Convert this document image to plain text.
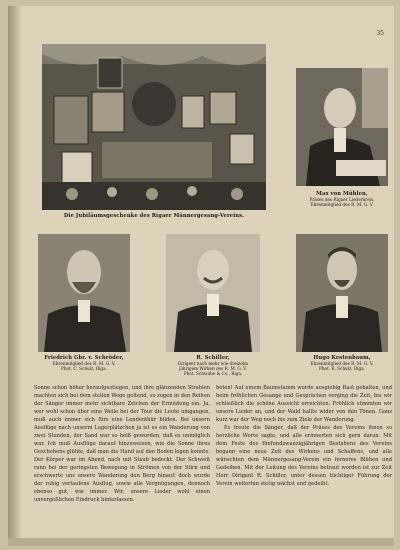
35
Die Jubiläumsgeschenke des Rigaer Männergesang-Vereins.
Max von Mühlen,
Präses des Rigaer Liederkreis,
Ehrenmitglied des R. M. G. V.
Friedrich Gbr. v. Schröder,
Ehrenmitglied des R. M. G. V.
Phot. C. Schulz, Riga.
R. Schiller,
Dirigent nach mehr wie dreizehn
jährigem Wirken des R. M. G. V.
Phot. Schwabe & Co., Riga.
Hugo Kestenbaum,
Ehrenmitglied des R. M. G. V.
Phot. E. Schulz, Riga.

Sonne schon höher heraufgestiegen, und ihre glänzenden Strahlen machten sich bei dem steilen Wege geltend, so zogen in den Reihen der Sänger immer mehr sichtbare Zeichen der Ermüdung ein. Ja, wer wohl schon über eine Weile bei der Tour die Leute umgangen, muß auch immer sich fürs eine Lendenthür bilden. Bei unsern Ausflüge nach unserm Lagerplätzchen ja ist es ein Wanderung von zwei Stunden, der Sand war so heiß geworden, daß es unmöglich war. Ich muß Ausflüge darauf hinzuweisen, wie die Sonne ihres Geschehens glühte, daß man die Hand auf den Boden legen konnte. Der Körper war im Abend, nach mit Staub bedeckt. Der Schweiß rann bei der geringsten Bewegung in Strömen von der Stirn und erschwerte uns unsere Wanderung den Berg hinauf; doch wurde der ruhig verlaufene Ausflug, sowie alle Vergnügungen, dennoch ebenso gut, wie immer. Wir, unsere Lieder wohl einen unvergeßlichen Eindruck hinterlassen.

boten! Auf einem Baumstamm wurde ausgiebig Rast gehalten, und beim fröhlichen Gesange und Gesprächen verging die Zeit, bis wir schließlich die schöne Aussicht erreichten. Fröhlich stimmten wir unsere Lieder an, und der Wald hallte wider von den Tönen. Ganz kurz war der Weg noch bis zum Ziele der Wanderung.

Es freute die Sänger, daß der Präses des Vereins ihnen so herzliche Worte sagte, und alle erinnerten sich gern daran. Mit dem Feste des fünfundzwanzigjährigen Bestehens des Vereins begann eine neue Zeit des Wirkens und Schaffens, und alle wünschten dem Männergesang-Verein ein ferneres Blühen und Gedeihen. Mit der Leitung des Vereins betraut worden ist zur Zeit Herr Dirigent R. Schiller, unter dessen tüchtiger Führung der Verein weiterhin stetig wächst und gedeiht.
